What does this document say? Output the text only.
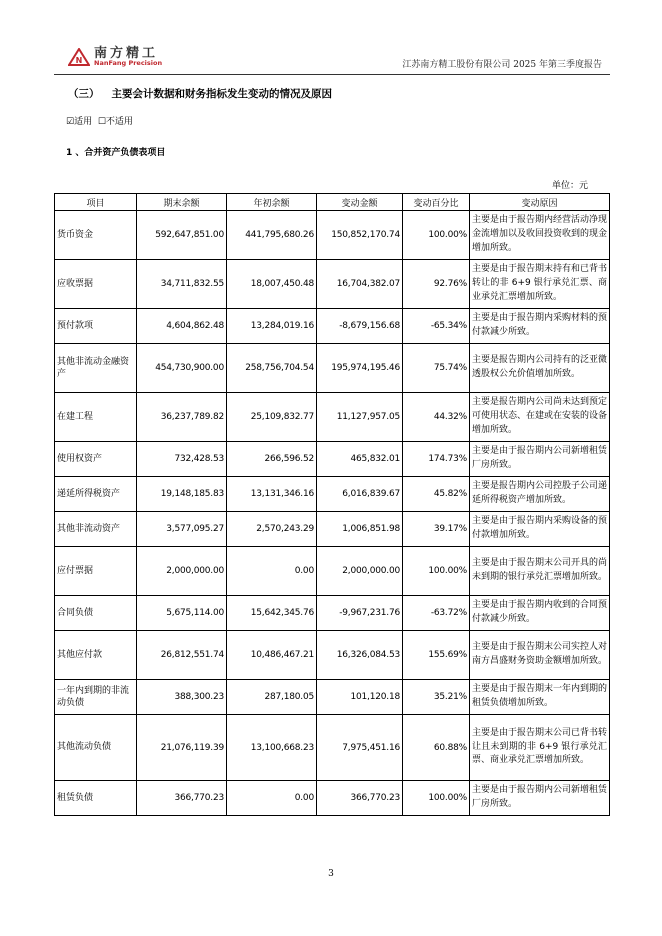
N 南方精工
NanFang Precision	江苏南方精工股份有限公司 2025 年第三季度报告
（三） 主要会计数据和财务指标发生变动的情况及原因
☑适用 ☐不适用
1 、合并资产负债表项目
单位：元
项目	期末余额	年初余额	变动金额	变动百分比	变动原因
货币资金	592,647,851.00	441,795,680.26	150,852,170.74	100.00%	主要是由于报告期内经营活动净现金流增加以及收回投资收到的现金增加所致。
应收票据	34,711,832.55	18,007,450.48	16,704,382.07	92.76%	主要是由于报告期末持有和已背书转让的非 6+9 银行承兑汇票、商业承兑汇票增加所致。
预付款项	4,604,862.48	13,284,019.16	-8,679,156.68	-65.34%	主要是由于报告期内采购材料的预付款减少所致。
其他非流动金融资产	454,730,900.00	258,756,704.54	195,974,195.46	75.74%	主要是报告期内公司持有的泛亚微透股权公允价值增加所致。
在建工程	36,237,789.82	25,109,832.77	11,127,957.05	44.32%	主要是报告期内公司尚未达到预定可使用状态、在建或在安装的设备增加所致。
使用权资产	732,428.53	266,596.52	465,832.01	174.73%	主要是由于报告期内公司新增租赁厂房所致。
递延所得税资产	19,148,185.83	13,131,346.16	6,016,839.67	45.82%	主要是报告期内公司控股子公司递延所得税资产增加所致。
其他非流动资产	3,577,095.27	2,570,243.29	1,006,851.98	39.17%	主要是由于报告期内采购设备的预付款增加所致。
应付票据	2,000,000.00	0.00	2,000,000.00	100.00%	主要是由于报告期末公司开具的尚未到期的银行承兑汇票增加所致。
合同负债	5,675,114.00	15,642,345.76	-9,967,231.76	-63.72%	主要是由于报告期内收到的合同预付款减少所致。
其他应付款	26,812,551.74	10,486,467.21	16,326,084.53	155.69%	主要是由于报告期末公司实控人对南方昌盛财务资助金额增加所致。
一年内到期的非流动负债	388,300.23	287,180.05	101,120.18	35.21%	主要是由于报告期末一年内到期的租赁负债增加所致。
其他流动负债	21,076,119.39	13,100,668.23	7,975,451.16	60.88%	主要是由于报告期末公司已背书转让且未到期的非 6+9 银行承兑汇票、商业承兑汇票增加所致。
租赁负债	366,770.23	0.00	366,770.23	100.00%	主要是由于报告期内公司新增租赁厂房所致。
3
